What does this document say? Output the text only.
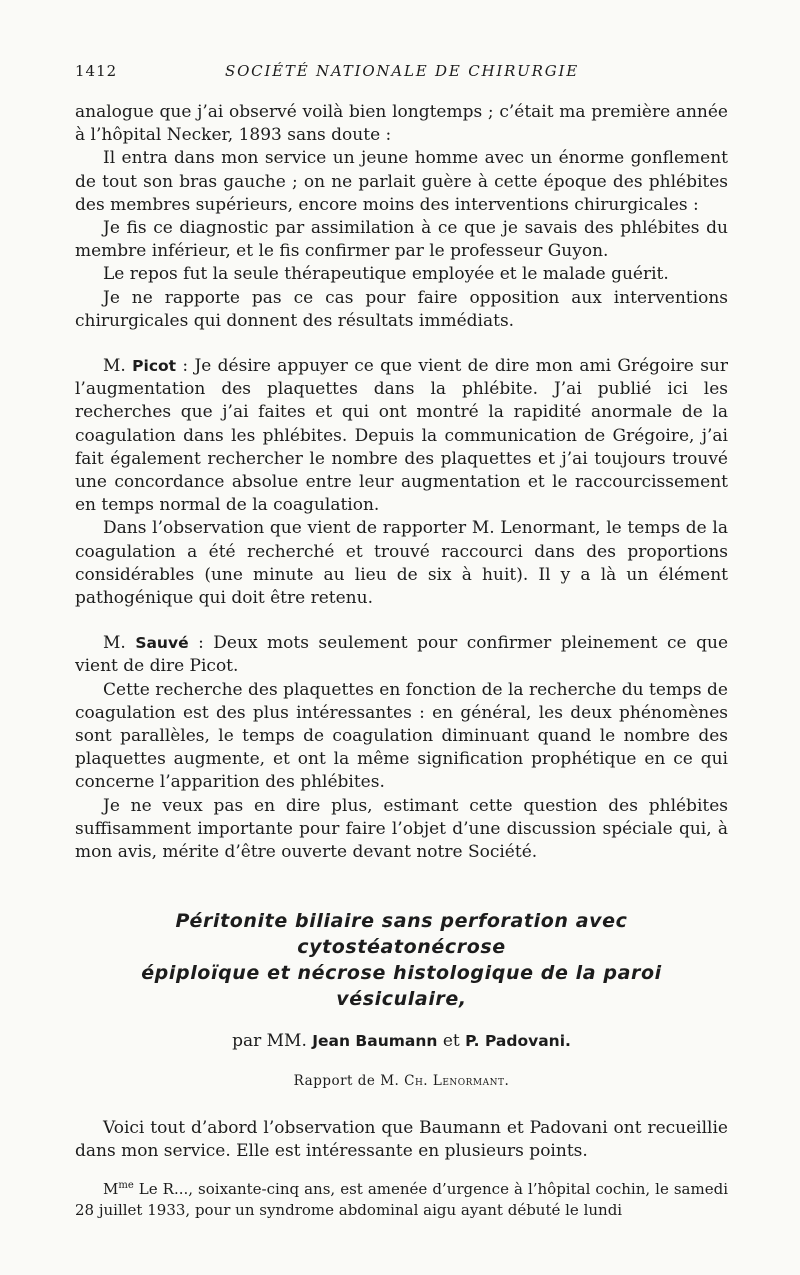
1412	SOCIÉTÉ NATIONALE DE CHIRURGIE

analogue que j’ai observé voilà bien longtemps ; c’était ma première année à l’hôpital Necker, 1893 sans doute :

Il entra dans mon service un jeune homme avec un énorme gonflement de tout son bras gauche ; on ne parlait guère à cette époque des phlébites des membres supérieurs, encore moins des interventions chirurgicales :

Je fis ce diagnostic par assimilation à ce que je savais des phlébites du membre inférieur, et le fis confirmer par le professeur Guyon.

Le repos fut la seule thérapeutique employée et le malade guérit.

Je ne rapporte pas ce cas pour faire opposition aux interventions chirurgicales qui donnent des résultats immédiats.

M. Picot : Je désire appuyer ce que vient de dire mon ami Grégoire sur l’augmentation des plaquettes dans la phlébite. J’ai publié ici les recherches que j’ai faites et qui ont montré la rapidité anormale de la coagulation dans les phlébites. Depuis la communication de Grégoire, j’ai fait également rechercher le nombre des plaquettes et j’ai toujours trouvé une concordance absolue entre leur augmentation et le raccourcissement en temps normal de la coagulation.

Dans l’observation que vient de rapporter M. Lenormant, le temps de la coagulation a été recherché et trouvé raccourci dans des proportions considérables (une minute au lieu de six à huit). Il y a là un élément pathogénique qui doit être retenu.

M. Sauvé : Deux mots seulement pour confirmer pleinement ce que vient de dire Picot.

Cette recherche des plaquettes en fonction de la recherche du temps de coagulation est des plus intéressantes : en général, les deux phénomènes sont parallèles, le temps de coagulation diminuant quand le nombre des plaquettes augmente, et ont la même signification prophétique en ce qui concerne l’apparition des phlébites.

Je ne veux pas en dire plus, estimant cette question des phlébites suffisamment importante pour faire l’objet d’une discussion spéciale qui, à mon avis, mérite d’être ouverte devant notre Société.

Péritonite biliaire sans perforation avec cytostéatonécrose
épiploïque et nécrose histologique de la paroi vésiculaire,
par MM. Jean Baumann et P. Padovani.
Rapport de M. Ch. Lenormant.

Voici tout d’abord l’observation que Baumann et Padovani ont recueillie dans mon service. Elle est intéressante en plusieurs points.

$M^{me}$ Le R..., soixante-cinq ans, est amenée d’urgence à l’hôpital cochin, le samedi 28 juillet 1933, pour un syndrome abdominal aigu ayant débuté le lundi
